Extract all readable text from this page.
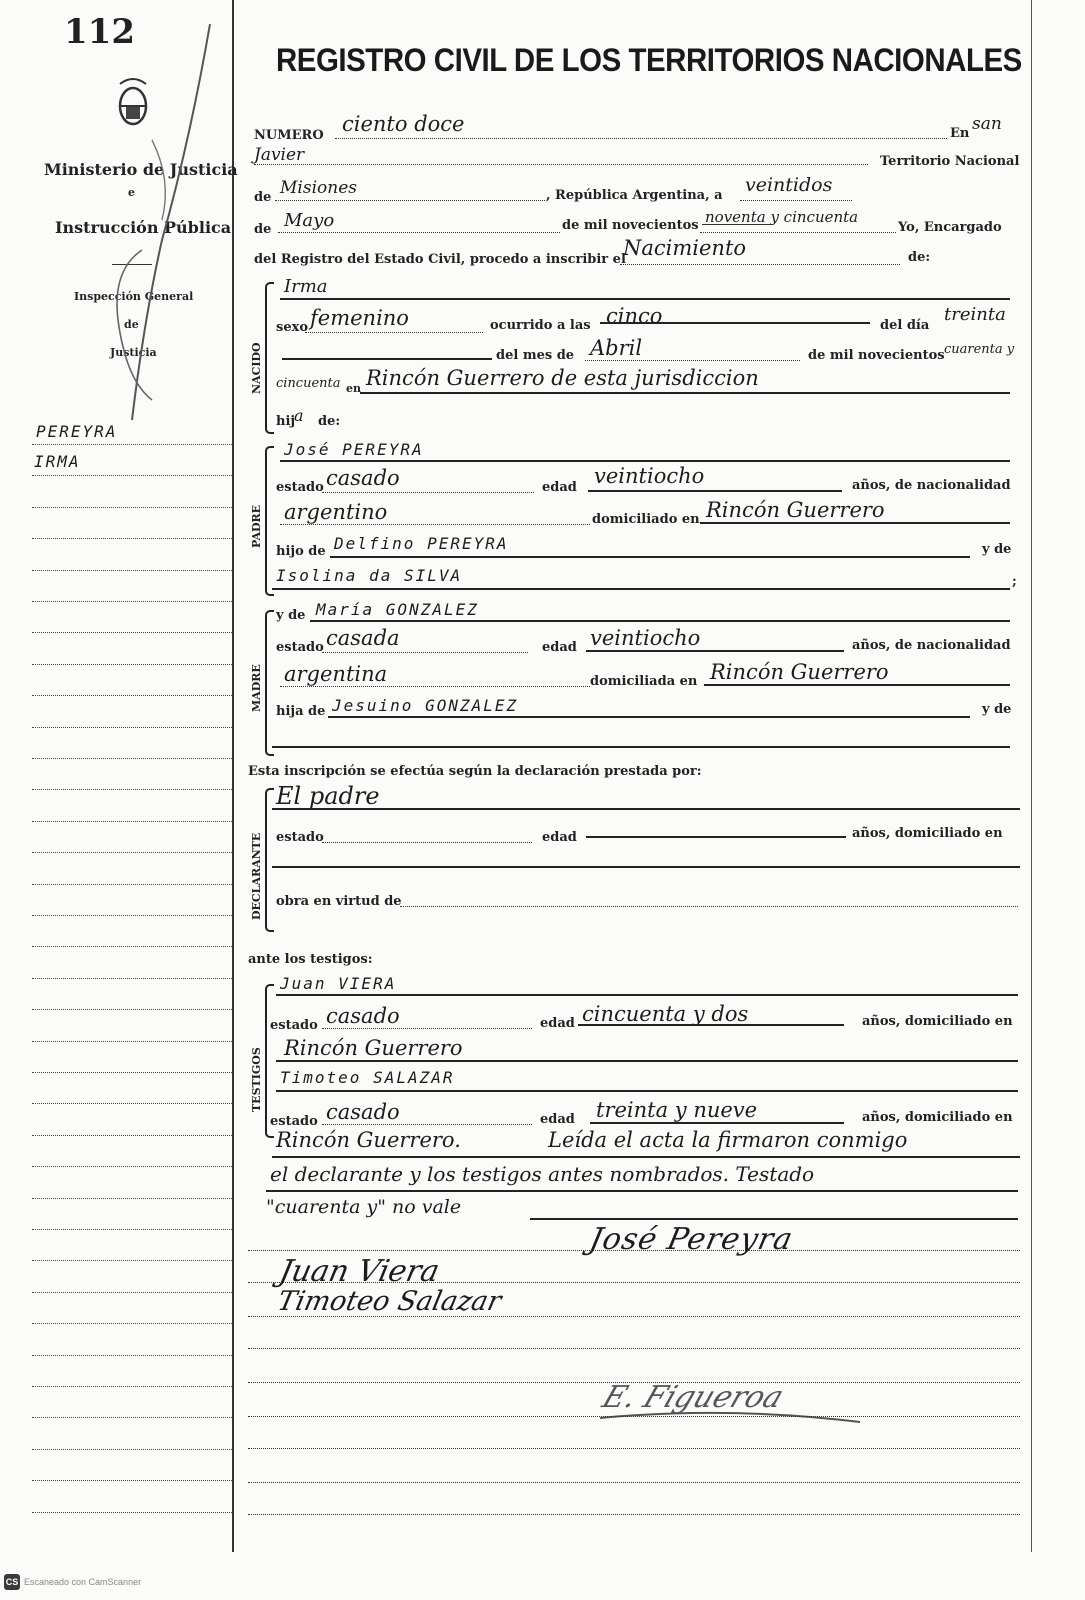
112
Ministerio de Justicia
e
Instrucción Pública
Inspección General
de
Justicia
PEREYRA
IRMA
REGISTRO CIVIL DE LOS TERRITORIOS NACIONALES
NUMERO ciento doce	En san
Javier	Territorio Nacional
de Misiones	, República Argentina, a veintidos
de Mayo	de mil novecientos noventa y cincuenta
Yo, Encargado
del Registro del Estado Civil, procedo a inscribir el
Nacimiento	de:
NACIDO
Irma
sexo femenino	ocurrido a las cinco	del día
treinta
del mes de Abril	de mil novecientos cuarenta y
cincuenta en Rincón Guerrero de esta jurisdiccion
hij
a de:
PADRE
José PEREYRA
estado casado	edad veintiocho	años, de nacionalidad
argentino	domiciliado en Rincón Guerrero
hijo de Delfino PEREYRA	y de
Isolina da SILVA	;
MADRE
y de María GONZALEZ
estado casada	edad veintiocho	años, de nacionalidad
argentina	domiciliada en Rincón Guerrero
hija de Jesuino GONZALEZ	y de
Esta inscripción se efectúa según la declaración prestada por:
DECLARANTE
El padre
estado	edad	años, domiciliado en
obra en virtud de
ante los testigos:
TESTIGOS
Juan VIERA
estado casado	edad cincuenta y dos	años, domiciliado en
Rincón Guerrero
Timoteo SALAZAR
estado casado	edad treinta y nueve	años, domiciliado en
Rincón Guerrero.	Leída el acta la firmaron conmigo
el declarante y los testigos antes nombrados. Testado
"cuarenta y" no vale
José Pereyra
Juan Viera
Timoteo Salazar
E. Figueroa
CS Escaneado con CamScanner
